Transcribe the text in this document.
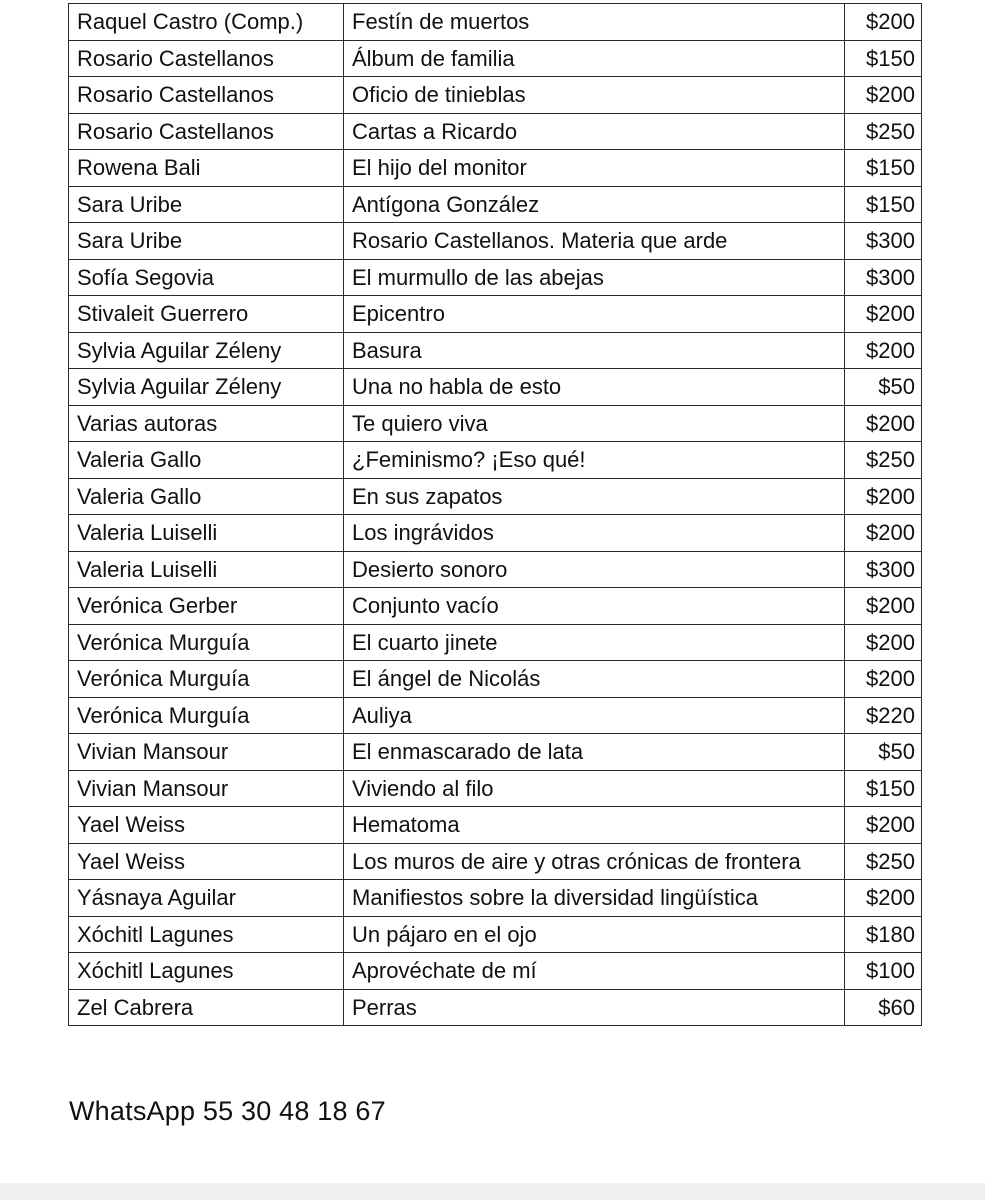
Raquel Castro (Comp.)	Festín de muertos	$200
Rosario Castellanos	Álbum de familia	$150
Rosario Castellanos	Oficio de tinieblas	$200
Rosario Castellanos	Cartas a Ricardo	$250
Rowena Bali	El hijo del monitor	$150
Sara Uribe	Antígona González	$150
Sara Uribe	Rosario Castellanos. Materia que arde	$300
Sofía Segovia	El murmullo de las abejas	$300
Stivaleit Guerrero	Epicentro	$200
Sylvia Aguilar Zéleny	Basura	$200
Sylvia Aguilar Zéleny	Una no habla de esto	$50
Varias autoras	Te quiero viva	$200
Valeria Gallo	¿Feminismo? ¡Eso qué!	$250
Valeria Gallo	En sus zapatos	$200
Valeria Luiselli	Los ingrávidos	$200
Valeria Luiselli	Desierto sonoro	$300
Verónica Gerber	Conjunto vacío	$200
Verónica Murguía	El cuarto jinete	$200
Verónica Murguía	El ángel de Nicolás	$200
Verónica Murguía	Auliya	$220
Vivian Mansour	El enmascarado de lata	$50
Vivian Mansour	Viviendo al filo	$150
Yael Weiss	Hematoma	$200
Yael Weiss	Los muros de aire y otras crónicas de frontera	$250
Yásnaya Aguilar	Manifiestos sobre la diversidad lingüística	$200
Xóchitl Lagunes	Un pájaro en el ojo	$180
Xóchitl Lagunes	Aprovéchate de mí	$100
Zel Cabrera	Perras	$60
WhatsApp 55 30 48 18 67
